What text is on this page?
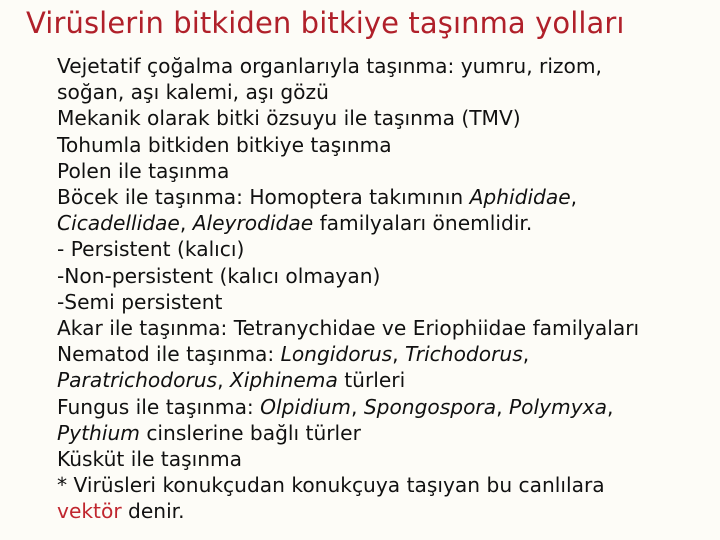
Virüslerin bitkiden bitkiye taşınma yolları
Vejetatif çoğalma organlarıyla taşınma: yumru, rizom,
soğan, aşı kalemi, aşı gözü
Mekanik olarak bitki özsuyu ile taşınma (TMV)
Tohumla bitkiden bitkiye taşınma
Polen ile taşınma
Böcek ile taşınma: Homoptera takımının Aphididae,
Cicadellidae, Aleyrodidae familyaları önemlidir.
- Persistent (kalıcı)
-Non-persistent (kalıcı olmayan)
-Semi persistent
Akar ile taşınma: Tetranychidae ve Eriophiidae familyaları
Nematod ile taşınma: Longidorus, Trichodorus,
Paratrichodorus, Xiphinema türleri
Fungus ile taşınma: Olpidium, Spongospora, Polymyxa,
Pythium cinslerine bağlı türler
Küsküt ile taşınma
* Virüsleri konukçudan konukçuya taşıyan bu canlılara
vektör denir.
